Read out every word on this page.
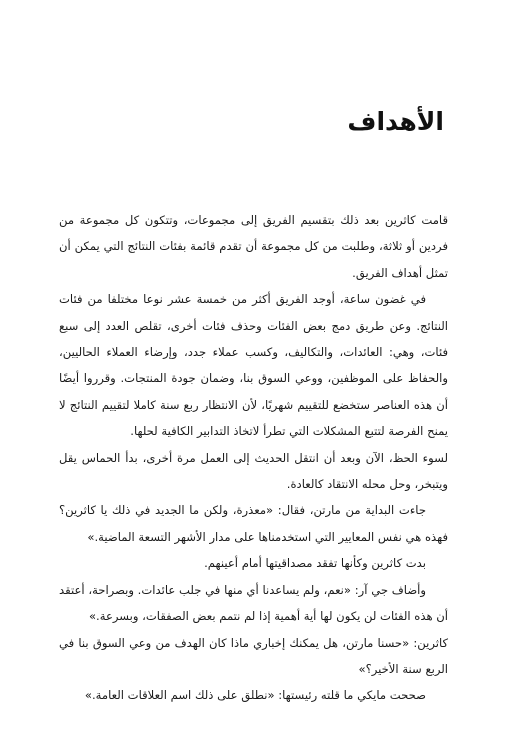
الأهداف

قامت كاثرين بعد ذلك بتقسيم الفريق إلى مجموعات، وتتكون كل مجموعة من فردين أو ثلاثة، وطلبت من كل مجموعة أن تقدم قائمة بفئات النتائج التي يمكن أن تمثل أهداف الفريق.

في غضون ساعة، أوجد الفريق أكثر من خمسة عشر نوعا مختلفا من فئات النتائج. وعن طريق دمج بعض الفئات وحذف فئات أخرى، تقلص العدد إلى سبع فئات، وهي: العائدات، والتكاليف، وكسب عملاء جدد، وإرضاء العملاء الحاليين، والحفاظ على الموظفين، ووعي السوق بنا، وضمان جودة المنتجات. وقرروا أيضًا أن هذه العناصر ستخضع للتقييم شهريًا، لأن الانتظار ربع سنة كاملا لتقييم النتائج لا يمنح الفرصة لتتبع المشكلات التي تطرأ لاتخاذ التدابير الكافية لحلها.

لسوء الحظ، الآن وبعد أن انتقل الحديث إلى العمل مرة أخرى، بدأ الحماس يقل ويتبخر، وحل محله الانتقاد كالعادة.

جاءت البداية من مارتن، فقال: «معذرة، ولكن ما الجديد في ذلك يا كاثرين؟ فهذه هي نفس المعايير التي استخدمناها على مدار الأشهر التسعة الماضية.»

بدت كاثرين وكأنها تفقد مصداقيتها أمام أعينهم.

وأضاف جي آر: «نعم، ولم يساعدنا أي منها في جلب عائدات. وبصراحة، أعتقد أن هذه الفئات لن يكون لها أية أهمية إذا لم نتمم بعض الصفقات، وبسرعة.»

كاثرين: «حسنا مارتن، هل يمكنك إخباري ماذا كان الهدف من وعي السوق بنا في الربع سنة الأخير؟»

صححت مايكي ما قلته رئيستها: «نطلق على ذلك اسم العلاقات العامة.»
